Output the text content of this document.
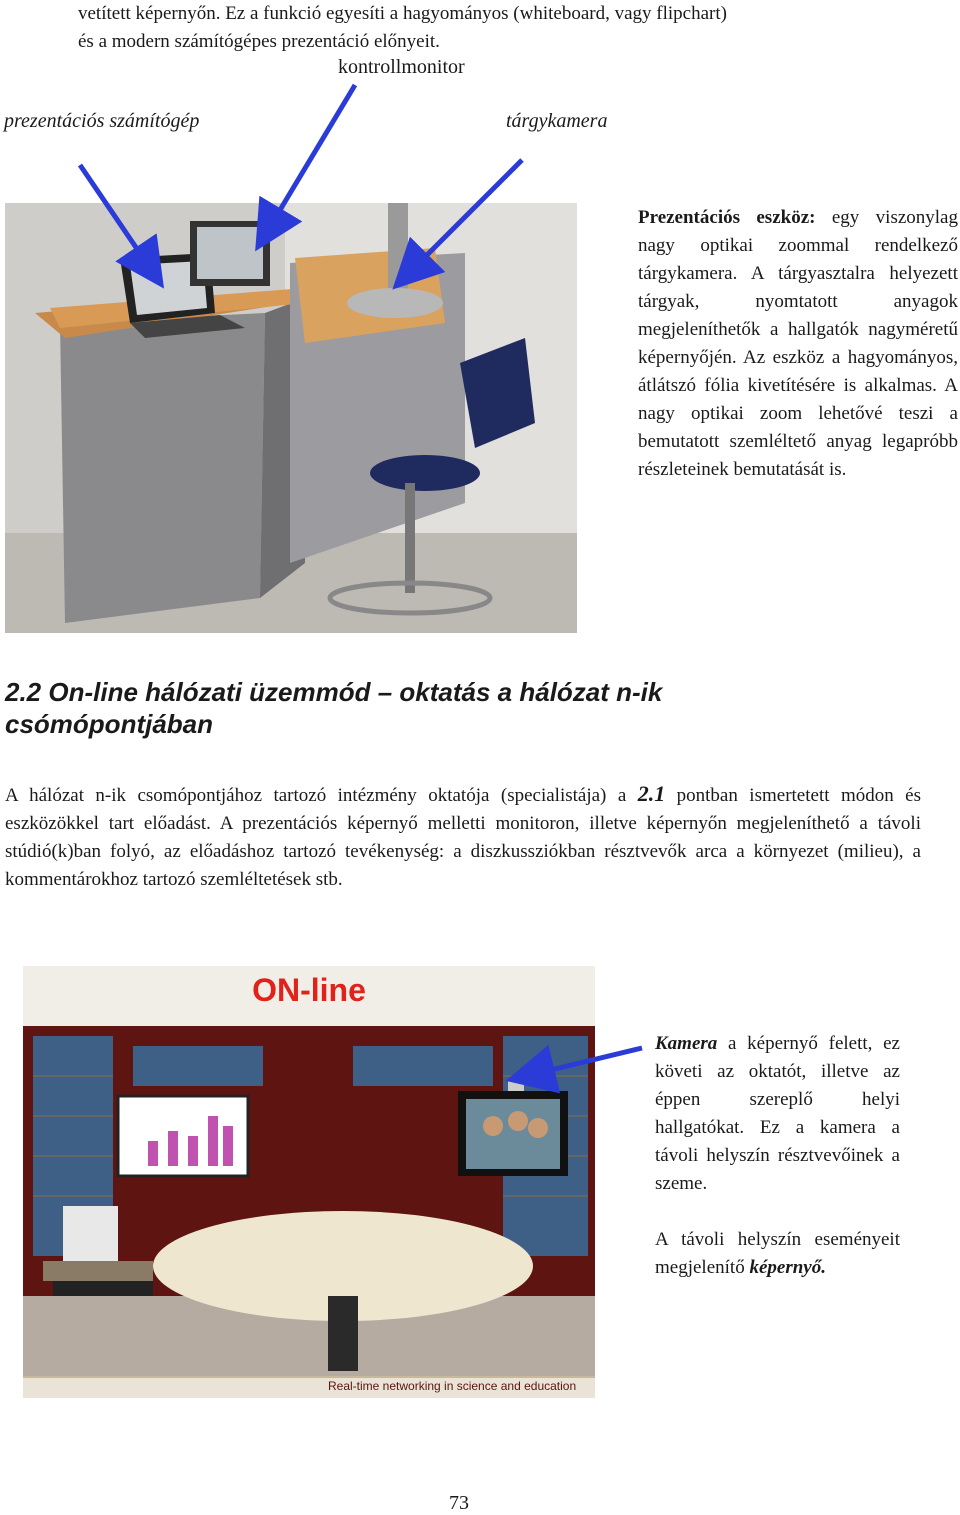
vetített képernyőn. Ez a funkció egyesíti a hagyományos (whiteboard, vagy flipchart)
és a modern számítógépes prezentáció előnyeit.
kontrollmonitor
prezentációs számítógép	tárgykamera
Prezentációs eszköz: egy viszonylag nagy optikai zoommal rendelkező tárgykamera. A tárgyasztalra helyezett tárgyak, nyomtatott anyagok megjeleníthetők a hallgatók nagyméretű képernyőjén. Az eszköz a hagyományos, átlátszó fólia kivetítésére is alkalmas. A nagy optikai zoom lehetővé teszi a bemutatott szemléltető anyag legapróbb részleteinek bemutatását is.
2.2 On-line hálózati üzemmód – oktatás a hálózat n-ik
csómópontjában
A hálózat n-ik csomópontjához tartozó intézmény oktatója (specialistája) a 2.1 pontban ismertetett módon és eszközökkel tart előadást. A prezentációs képernyő melletti monitoron, illetve képernyőn megjeleníthető a távoli stúdió(k)ban folyó, az előadáshoz tartozó tevékenység: a diszkussziókban résztvevők arca a környezet (milieu), a kommentárokhoz tartozó szemléltetések stb.
ON-line
Real-time networking in science and education
Kamera a képernyő felett, ez követi az oktatót, illetve az éppen szereplő helyi hallgatókat. Ez a kamera a távoli helyszín résztvevőinek a szeme.
A távoli helyszín eseményeit megjelenítő képernyő.
73
